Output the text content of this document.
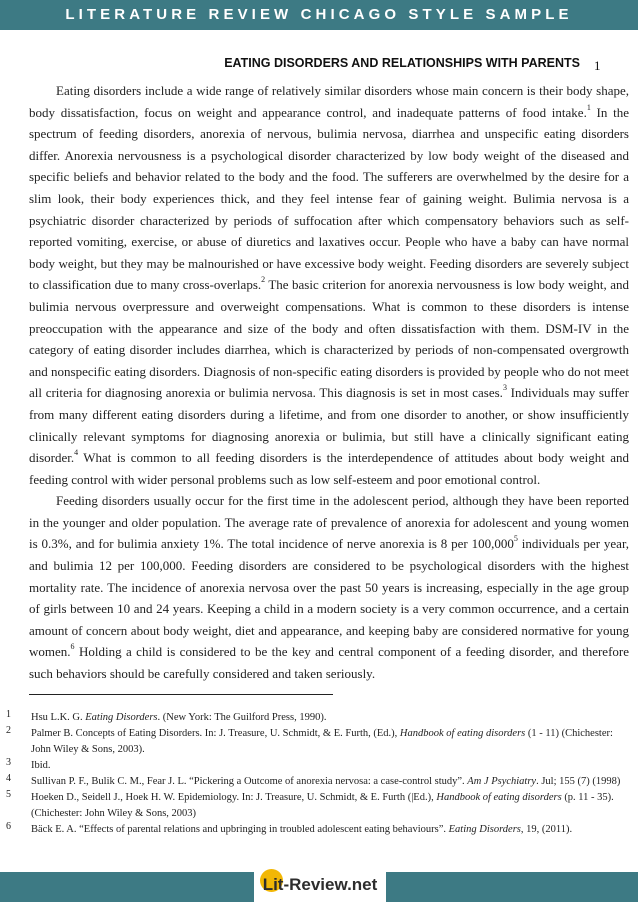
LITERATURE REVIEW CHICAGO STYLE SAMPLE
EATING DISORDERS AND RELATIONSHIPS WITH PARENTS 1

Eating disorders include a wide range of relatively similar disorders whose main concern is their body shape, body dissatisfaction, focus on weight and appearance control, and inadequate patterns of food intake.$^1$ In the spectrum of feeding disorders, anorexia of nervous, bulimia nervosa, diarrhea and unspecific eating disorders differ. Anorexia nervousness is a psychological disorder characterized by low body weight of the diseased and specific beliefs and behavior related to the body and the food. The sufferers are overwhelmed by the desire for a slim look, their body experiences thick, and they feel intense fear of gaining weight. Bulimia nervosa is a psychiatric disorder characterized by periods of suffocation after which compensatory behaviors such as self-reported vomiting, exercise, or abuse of diuretics and laxatives occur. People who have a baby can have normal body weight, but they may be malnourished or have excessive body weight. Feeding disorders are severely subject to classification due to many cross-overlaps.$^2$ The basic criterion for anorexia nervousness is low body weight, and bulimia nervous overpressure and overweight compensations. What is common to these disorders is intense preoccupation with the appearance and size of the body and often dissatisfaction with them. DSM-IV in the category of eating disorder includes diarrhea, which is characterized by periods of non-compensated overgrowth and nonspecific eating disorders. Diagnosis of non-specific eating disorders is provided by people who do not meet all criteria for diagnosing anorexia or bulimia nervosa. This diagnosis is set in most cases.$^3$ Individuals may suffer from many different eating disorders during a lifetime, and from one disorder to another, or show insufficiently clinically relevant symptoms for diagnosing anorexia or bulimia, but still have a clinically significant eating disorder.$^4$ What is common to all feeding disorders is the interdependence of attitudes about body weight and feeding control with wider personal problems such as low self-esteem and poor emotional control.

Feeding disorders usually occur for the first time in the adolescent period, although they have been reported in the younger and older population. The average rate of prevalence of anorexia for adolescent and young women is 0.3%, and for bulimia anxiety 1%. The total incidence of nerve anorexia is 8 per 100,000$^5$ individuals per year, and bulimia 12 per 100,000. Feeding disorders are considered to be psychological disorders with the highest mortality rate. The incidence of anorexia nervosa over the past 50 years is increasing, especially in the age group of girls between 10 and 24 years. Keeping a child in a modern society is a very common occurrence, and a certain amount of concern about body weight, diet and appearance, and keeping baby are considered normative for young women.$^6$ Holding a child is considered to be the key and central component of a feeding disorder, and therefore such behaviors should be carefully considered and taken seriously.

1 Hsu L.K. G. Eating Disorders. (New York: The Guilford Press, 1990).
2 Palmer B. Concepts of Eating Disorders. In: J. Treasure, U. Schmidt, & E. Furth, (Ed.), Handbook of eating disorders (1 - 11) (Chichester: John Wiley & Sons, 2003).
3 Ibid.
4 Sullivan P. F., Bulik C. M., Fear J. L. “Pickering a Outcome of anorexia nervosa: a case-control study”. Am J Psychiatry. Jul; 155 (7) (1998)
5 Hoeken D., Seidell J., Hoek H. W. Epidemiology. In: J. Treasure, U. Schmidt, & E. Furth (|Ed.), Handbook of eating disorders (p. 11 - 35). (Chichester: John Wiley & Sons, 2003)
6 Bäck E. A. “Effects of parental relations and upbringing in troubled adolescent eating behaviours”. Eating Disorders, 19, (2011).
Lit-Review.net
